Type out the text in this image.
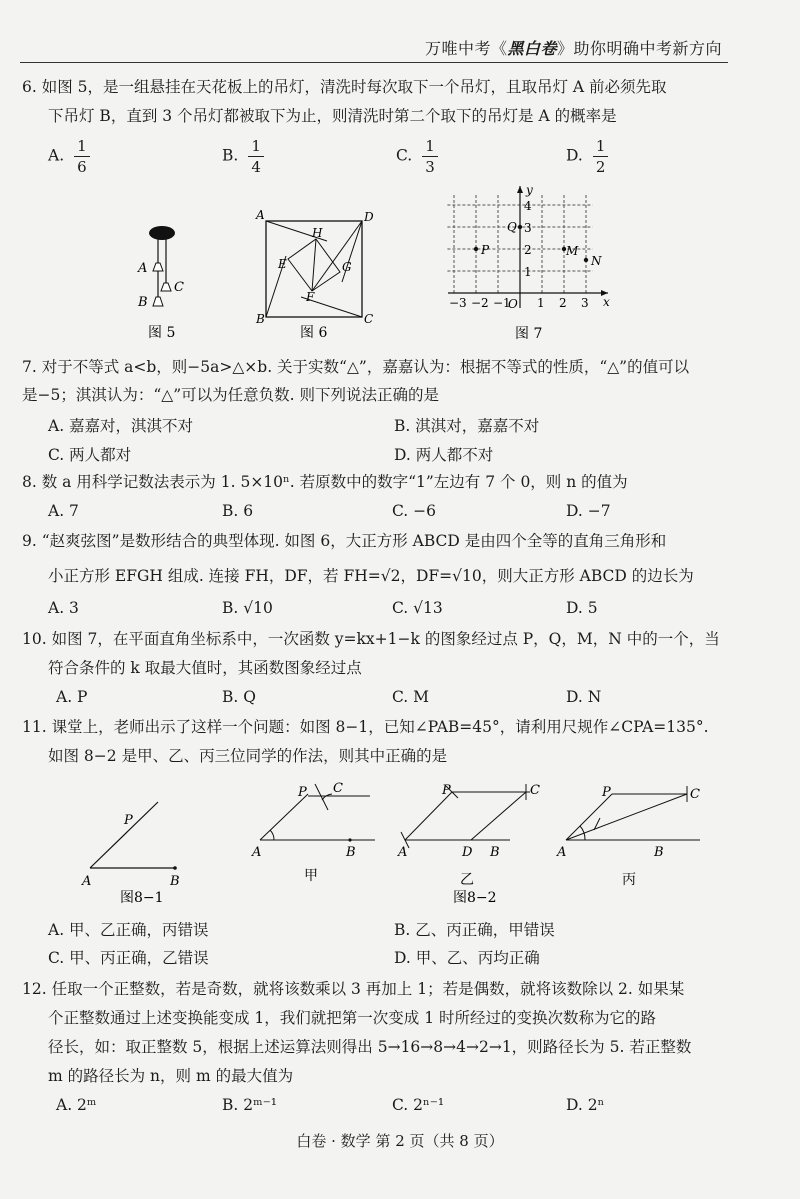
万唯中考《黑白卷》助你明确中考新方向
6. 如图 5，是一组悬挂在天花板上的吊灯，清洗时每次取下一个吊灯，且取吊灯 A 前必须先取
下吊灯 B，直到 3 个吊灯都被取下为止，则清洗时第二个取下的吊灯是 A 的概率是
A. $\frac{1}{6}$	B. $\frac{1}{4}$	C. $\frac{1}{3}$	D. $\frac{1}{2}$
A
B
C
图 5
A	D
B	C
H
E	G
F
图 6
x
y
O
−3 −2 −1 1 2 3
1
2
3
4
P
Q
M
N
图 7
7. 对于不等式 a<b，则−5a>△×b. 关于实数“△”，嘉嘉认为：根据不等式的性质，“△”的值可以
是−5；淇淇认为：“△”可以为任意负数. 则下列说法正确的是
A. 嘉嘉对，淇淇不对	B. 淇淇对，嘉嘉不对
C. 两人都对	D. 两人都不对
8. 数 a 用科学记数法表示为 1. 5×10ⁿ. 若原数中的数字“1”左边有 7 个 0，则 n 的值为
A. 7	B. 6	C. −6	D. −7
9. “赵爽弦图”是数形结合的典型体现. 如图 6，大正方形 ABCD 是由四个全等的直角三角形和
小正方形 EFGH 组成. 连接 FH，DF，若 FH=√2，DF=√10，则大正方形 ABCD 的边长为
A. 3	B. √10	C. √13	D. 5
10. 如图 7，在平面直角坐标系中，一次函数 y=kx+1−k 的图象经过点 P，Q，M，N 中的一个，当
符合条件的 k 取最大值时，其函数图象经过点
A. P	B. Q	C. M	D. N
11. 课堂上，老师出示了这样一个问题：如图 8−1，已知∠PAB=45°，请利用尺规作∠CPA=135°.
如图 8−2 是甲、乙、丙三位同学的作法，则其中正确的是
P
A	B
图8−1
P C
A	B
甲
P	C
A	D B
乙
图8−2
P	C
A	B
丙
A. 甲、乙正确，丙错误	B. 乙、丙正确，甲错误
C. 甲、丙正确，乙错误	D. 甲、乙、丙均正确
12. 任取一个正整数，若是奇数，就将该数乘以 3 再加上 1；若是偶数，就将该数除以 2. 如果某
个正整数通过上述变换能变成 1，我们就把第一次变成 1 时所经过的变换次数称为它的路
径长，如：取正整数 5，根据上述运算法则得出 5→16→8→4→2→1，则路径长为 5. 若正整数
m 的路径长为 n，则 m 的最大值为
A. 2ᵐ	B. 2ᵐ⁻¹	C. 2ⁿ⁻¹	D. 2ⁿ
白卷 · 数学 第 2 页（共 8 页）
